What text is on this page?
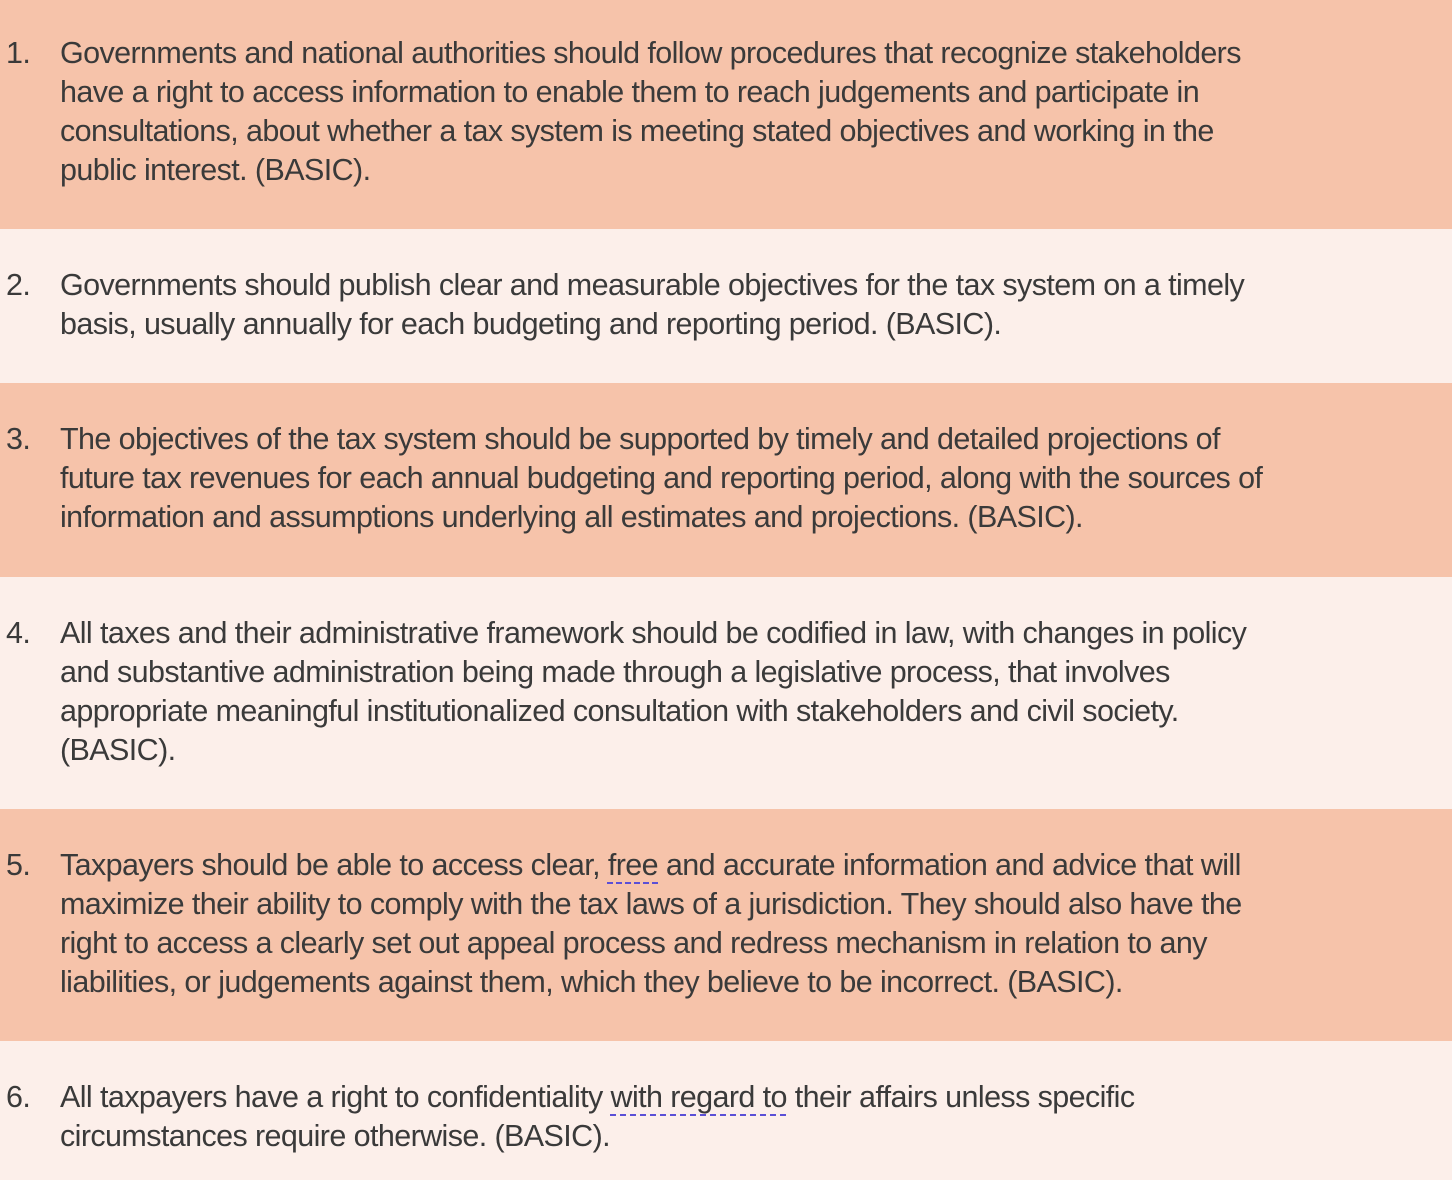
1. Governments and national authorities should follow procedures that recognize stakeholders
have a right to access information to enable them to reach judgements and participate in
consultations, about whether a tax system is meeting stated objectives and working in the
public interest. (BASIC).
2. Governments should publish clear and measurable objectives for the tax system on a timely
basis, usually annually for each budgeting and reporting period. (BASIC).
3. The objectives of the tax system should be supported by timely and detailed projections of
future tax revenues for each annual budgeting and reporting period, along with the sources of
information and assumptions underlying all estimates and projections. (BASIC).
4. All taxes and their administrative framework should be codified in law, with changes in policy
and substantive administration being made through a legislative process, that involves
appropriate meaningful institutionalized consultation with stakeholders and civil society.
(BASIC).
5. Taxpayers should be able to access clear, free and accurate information and advice that will
maximize their ability to comply with the tax laws of a jurisdiction. They should also have the
right to access a clearly set out appeal process and redress mechanism in relation to any
liabilities, or judgements against them, which they believe to be incorrect. (BASIC).
6. All taxpayers have a right to confidentiality with regard to their affairs unless specific
circumstances require otherwise. (BASIC).
